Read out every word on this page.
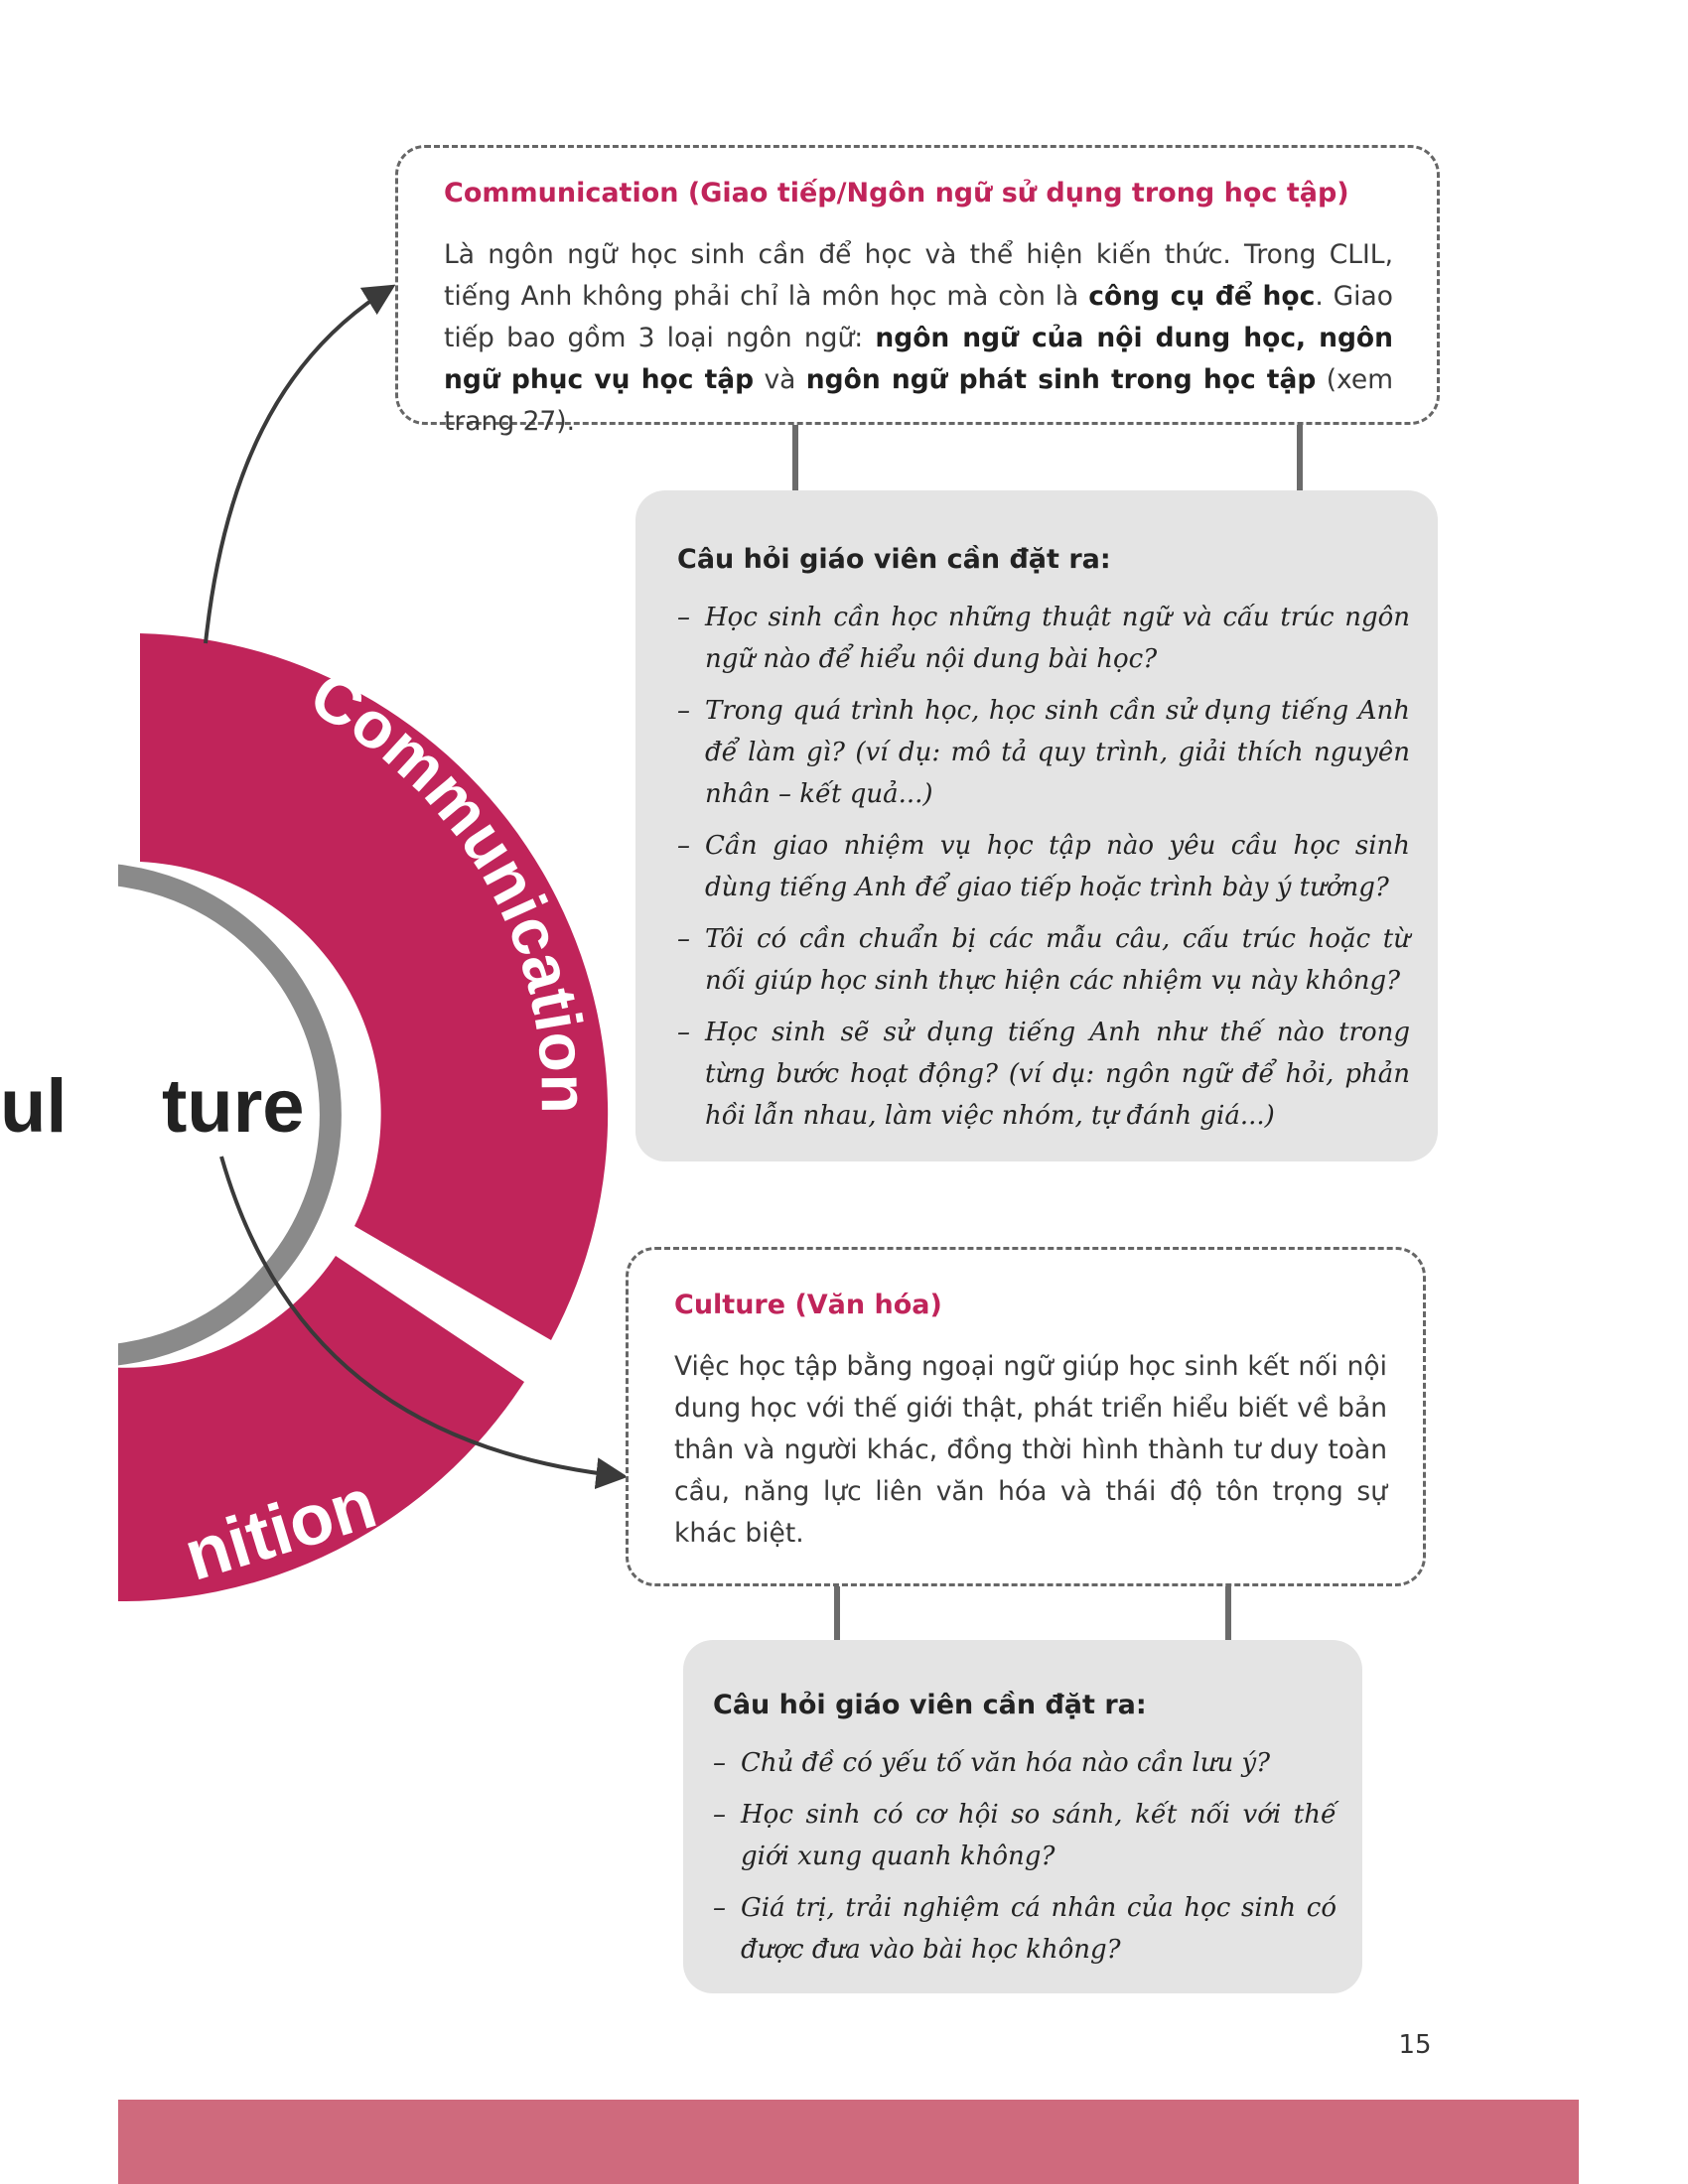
Communication
nition
ul ture
Communication (Giao tiếp/Ngôn ngữ sử dụng trong học tập)
Là ngôn ngữ học sinh cần để học và thể hiện kiến thức. Trong CLIL, tiếng Anh không phải chỉ là môn học mà còn là công cụ để học. Giao tiếp bao gồm 3 loại ngôn ngữ: ngôn ngữ của nội dung học, ngôn ngữ phục vụ học tập và ngôn ngữ phát sinh trong học tập (xem trang 27).
Câu hỏi giáo viên cần đặt ra:
– Học sinh cần học những thuật ngữ và cấu trúc ngôn ngữ nào để hiểu nội dung bài học?
– Trong quá trình học, học sinh cần sử dụng tiếng Anh để làm gì? (ví dụ: mô tả quy trình, giải thích nguyên nhân – kết quả...)
– Cần giao nhiệm vụ học tập nào yêu cầu học sinh dùng tiếng Anh để giao tiếp hoặc trình bày ý tưởng?
– Tôi có cần chuẩn bị các mẫu câu, cấu trúc hoặc từ nối giúp học sinh thực hiện các nhiệm vụ này không?
– Học sinh sẽ sử dụng tiếng Anh như thế nào trong từng bước hoạt động? (ví dụ: ngôn ngữ để hỏi, phản hồi lẫn nhau, làm việc nhóm, tự đánh giá...)
Culture (Văn hóa)
Việc học tập bằng ngoại ngữ giúp học sinh kết nối nội dung học với thế giới thật, phát triển hiểu biết về bản thân và người khác, đồng thời hình thành tư duy toàn cầu, năng lực liên văn hóa và thái độ tôn trọng sự khác biệt.
Câu hỏi giáo viên cần đặt ra:
– Chủ đề có yếu tố văn hóa nào cần lưu ý?
– Học sinh có cơ hội so sánh, kết nối với thế giới xung quanh không?
– Giá trị, trải nghiệm cá nhân của học sinh có được đưa vào bài học không?
15
